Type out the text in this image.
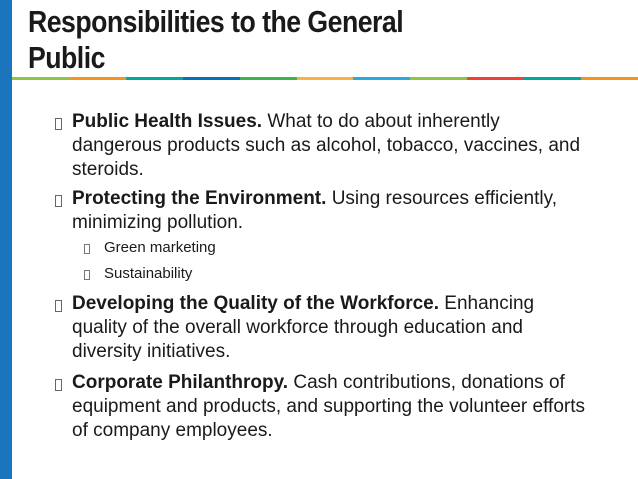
Responsibilities to the General
Public
Public Health Issues. What to do about inherently dangerous products such as alcohol, tobacco, vaccines, and steroids.
Protecting the Environment. Using resources efficiently, minimizing pollution.
Green marketing
Sustainability
Developing the Quality of the Workforce. Enhancing quality of the overall workforce through education and diversity initiatives.
Corporate Philanthropy. Cash contributions, donations of equipment and products, and supporting the volunteer efforts of company employees.
